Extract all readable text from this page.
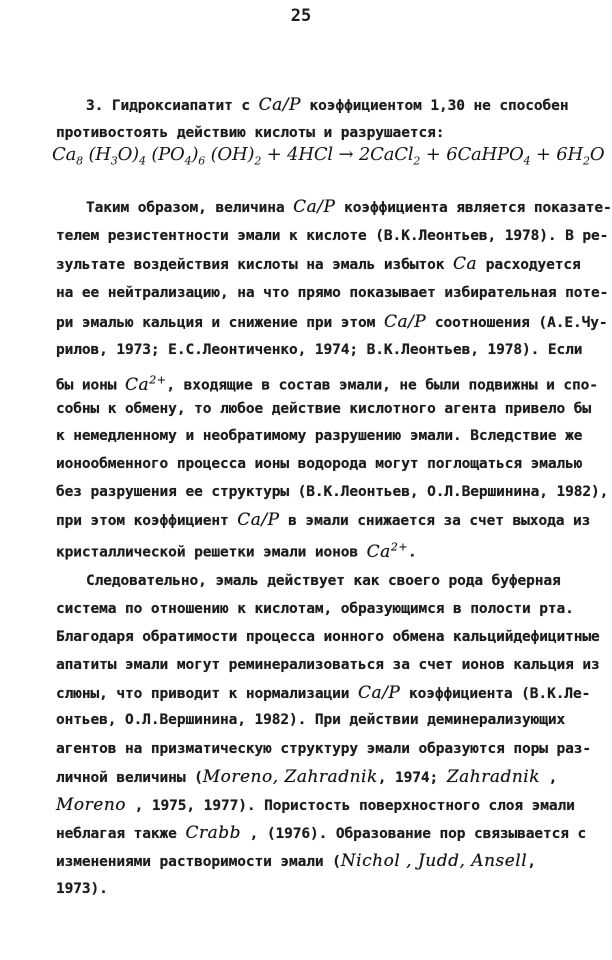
25
3. Гидроксиапатит с Ca/P коэффициентом 1,30 не способен
противостоять действию кислоты и разрушается:
Таким образом, величина Ca/P коэффициента является показате-
телем резистентности эмали к кислоте (В.К.Леонтьев, 1978). В ре-
зультате воздействия кислоты на эмаль избыток Ca расходуется
на ее нейтрализацию, на что прямо показывает избирательная поте-
ри эмалью кальция и снижение при этом Ca/P соотношения (А.Е.Чу-
рилов, 1973; Е.С.Леонтиченко, 1974; В.К.Леонтьев, 1978). Если
бы ионы $Ca^{2+}$, входящие в состав эмали, не были подвижны и спо-
собны к обмену, то любое действие кислотного агента привело бы
к немедленному и необратимому разрушению эмали. Вследствие же
ионообменного процесса ионы водорода могут поглощаться эмалью
без разрушения ее структуры (В.К.Леонтьев, О.Л.Вершинина, 1982),
при этом коэффициент Ca/P в эмали снижается за счет выхода из
кристаллической решетки эмали ионов $Ca^{2+}$.
Следовательно, эмаль действует как своего рода буферная
система по отношению к кислотам, образующимся в полости рта.
Благодаря обратимости процесса ионного обмена кальцийдефицитные
апатиты эмали могут реминерализоваться за счет ионов кальция из
слюны, что приводит к нормализации Ca/P коэффициента (В.К.Ле-
онтьев, О.Л.Вершинина, 1982). При действии деминерализующих
агентов на призматическую структуру эмали образуются поры раз-
личной величины (Moreno, Zahradnik, 1974; Zahradnik ,
Moreno , 1975, 1977). Пористость поверхностного слоя эмали
неблагая также Crabb , (1976). Образование пор связывается с
изменениями растворимости эмали (Nichol , Judd, Ansell,
1973).
$Ca_8$ $(H_3O)_4$ $(PO_4)_6$ $(OH)_2 + 4HCl$ → 2CaCl$_2$ + 6CaHPO$_4$ + $6H_2O$
